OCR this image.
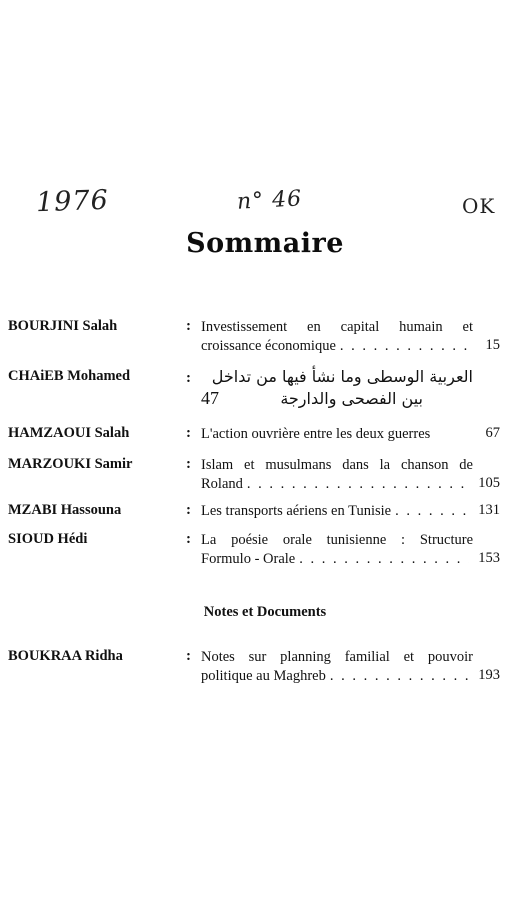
1976	n° 46	OK
Sommaire
BOURJINI Salah	: Investissement en capital humain et
croissance économique . . .	15
CHAiEB Mohamed	:	العربية الوسطى وما نشأ فيها من تداخل
بين الفصحى والدارجة
47
HAMZAOUI Salah	: L'action ouvrière entre les deux guerres	67
MARZOUKI Samir	: Islam et musulmans dans la chanson de
Roland . . .	105
MZABI Hassouna	: Les transports aériens en Tunisie . . .	131
SIOUD Hédi	: La poésie orale tunisienne : Structure
Formulo - Orale . . .	153
Notes et Documents
BOUKRAA Ridha	: Notes sur planning familial et pouvoir
politique au Maghreb . . .	193
